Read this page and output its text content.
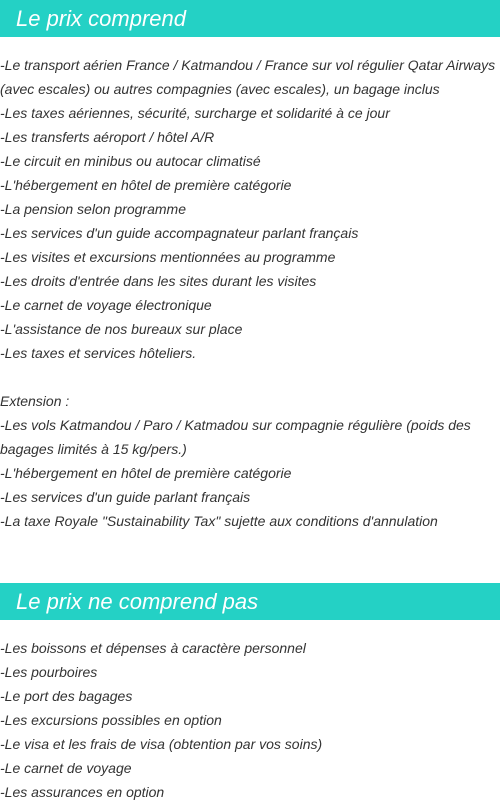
Le prix comprend
-Le transport aérien France / Katmandou / France sur vol régulier Qatar Airways (avec escales) ou autres compagnies (avec escales), un bagage inclus
-Les taxes aériennes, sécurité, surcharge et solidarité à ce jour
-Les transferts aéroport / hôtel A/R
-Le circuit en minibus ou autocar climatisé
-L'hébergement en hôtel de première catégorie
-La pension selon programme
-Les services d'un guide accompagnateur parlant français
-Les visites et excursions mentionnées au programme
-Les droits d'entrée dans les sites durant les visites
-Le carnet de voyage électronique
-L'assistance de nos bureaux sur place
-Les taxes et services hôteliers.
Extension :
-Les vols Katmandou / Paro / Katmadou sur compagnie régulière (poids des bagages limités à 15 kg/pers.)
-L'hébergement en hôtel de première catégorie
-Les services d'un guide parlant français
-La taxe Royale "Sustainability Tax" sujette aux conditions d'annulation
Le prix ne comprend pas
-Les boissons et dépenses à caractère personnel
-Les pourboires
-Le port des bagages
-Les excursions possibles en option
-Le visa et les frais de visa (obtention par vos soins)
-Le carnet de voyage
-Les assurances en option
